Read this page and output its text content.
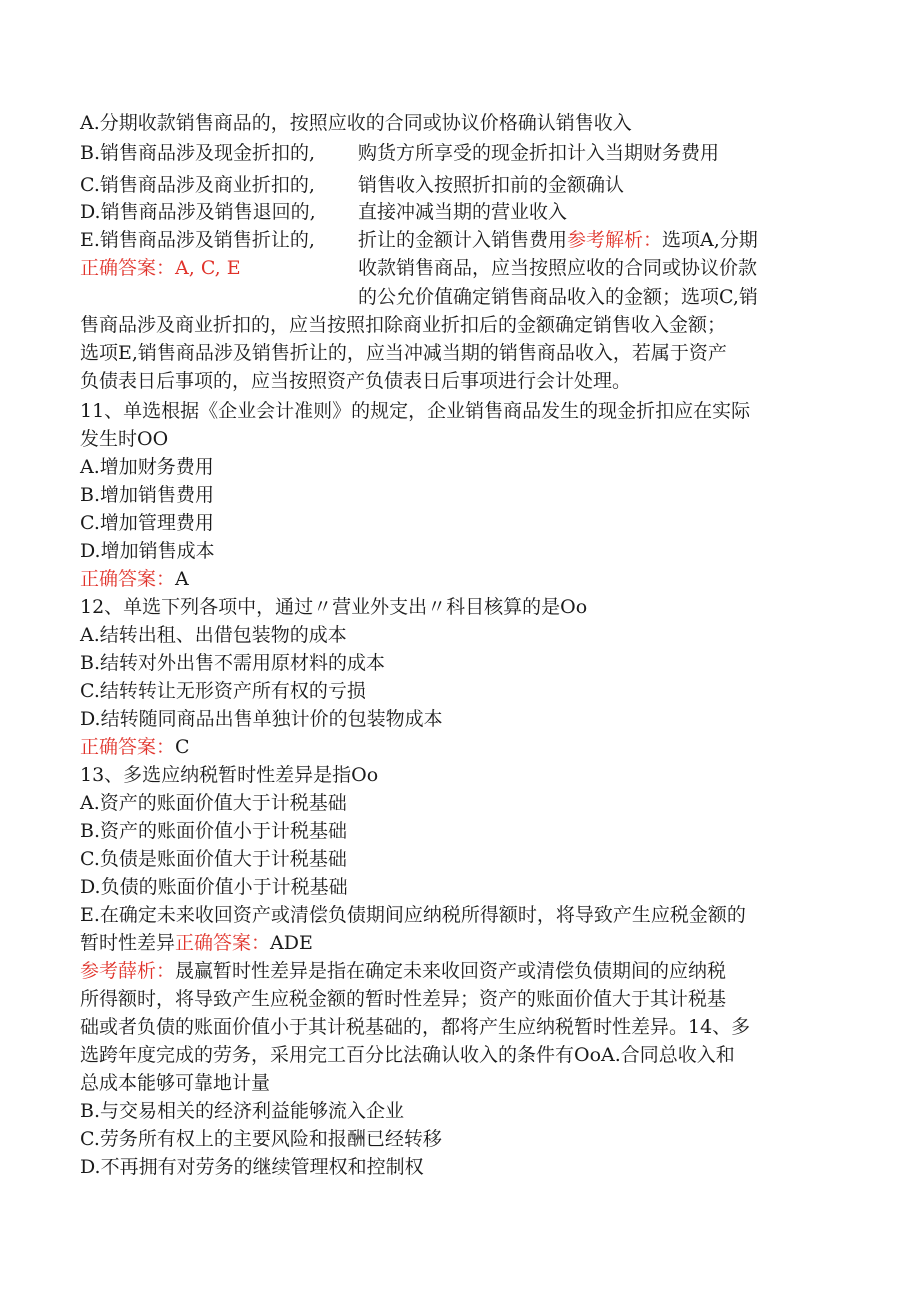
A.分期收款销售商品的，按照应收的合同或协议价格确认销售收入
B.销售商品涉及现金折扣的,
C.销售商品涉及商业折扣的,
D.销售商品涉及销售退回的,
E.销售商品涉及销售折让的,
正确答案：A, C, E
购货方所享受的现金折扣计入当期财务费用
销售收入按照折扣前的金额确认
直接冲减当期的营业收入
折让的金额计入销售费用参考解析：选项A,分期
收款销售商品，应当按照应收的合同或协议价款
的公允价值确定销售商品收入的金额；选项C,销
售商品涉及商业折扣的，应当按照扣除商业折扣后的金额确定销售收入金额；
选项E,销售商品涉及销售折让的，应当冲减当期的销售商品收入，若属于资产
负债表日后事项的，应当按照资产负债表日后事项进行会计处理。
11、单选根据《企业会计准则》的规定，企业销售商品发生的现金折扣应在实际
发生时OO
A.增加财务费用
B.增加销售费用
C.增加管理费用
D.增加销售成本
正确答案：A
12、单选下列各项中，通过〃营业外支出〃科目核算的是Oo
A.结转出租、出借包装物的成本
B.结转对外出售不需用原材料的成本
C.结转转让无形资产所有权的亏损
D.结转随同商品出售单独计价的包装物成本
正确答案：C
13、多选应纳税暂时性差异是指Oo
A.资产的账面价值大于计税基础
B.资产的账面价值小于计税基础
C.负债是账面价值大于计税基础
D.负债的账面价值小于计税基础
E.在确定未来收回资产或清偿负债期间应纳税所得额时，将导致产生应税金额的
暂时性差异正确答案：ADE
参考薛析：晟赢暂时性差异是指在确定未来收回资产或清偿负债期间的应纳税
所得额时，将导致产生应税金额的暂时性差异；资产的账面价值大于其计税基
础或者负债的账面价值小于其计税基础的，都将产生应纳税暂时性差异。14、多
选跨年度完成的劳务，采用完工百分比法确认收入的条件有OoA.合同总收入和
总成本能够可靠地计量
B.与交易相关的经济利益能够流入企业
C.劳务所有权上的主要风险和报酬已经转移
D.不再拥有对劳务的继续管理权和控制权
